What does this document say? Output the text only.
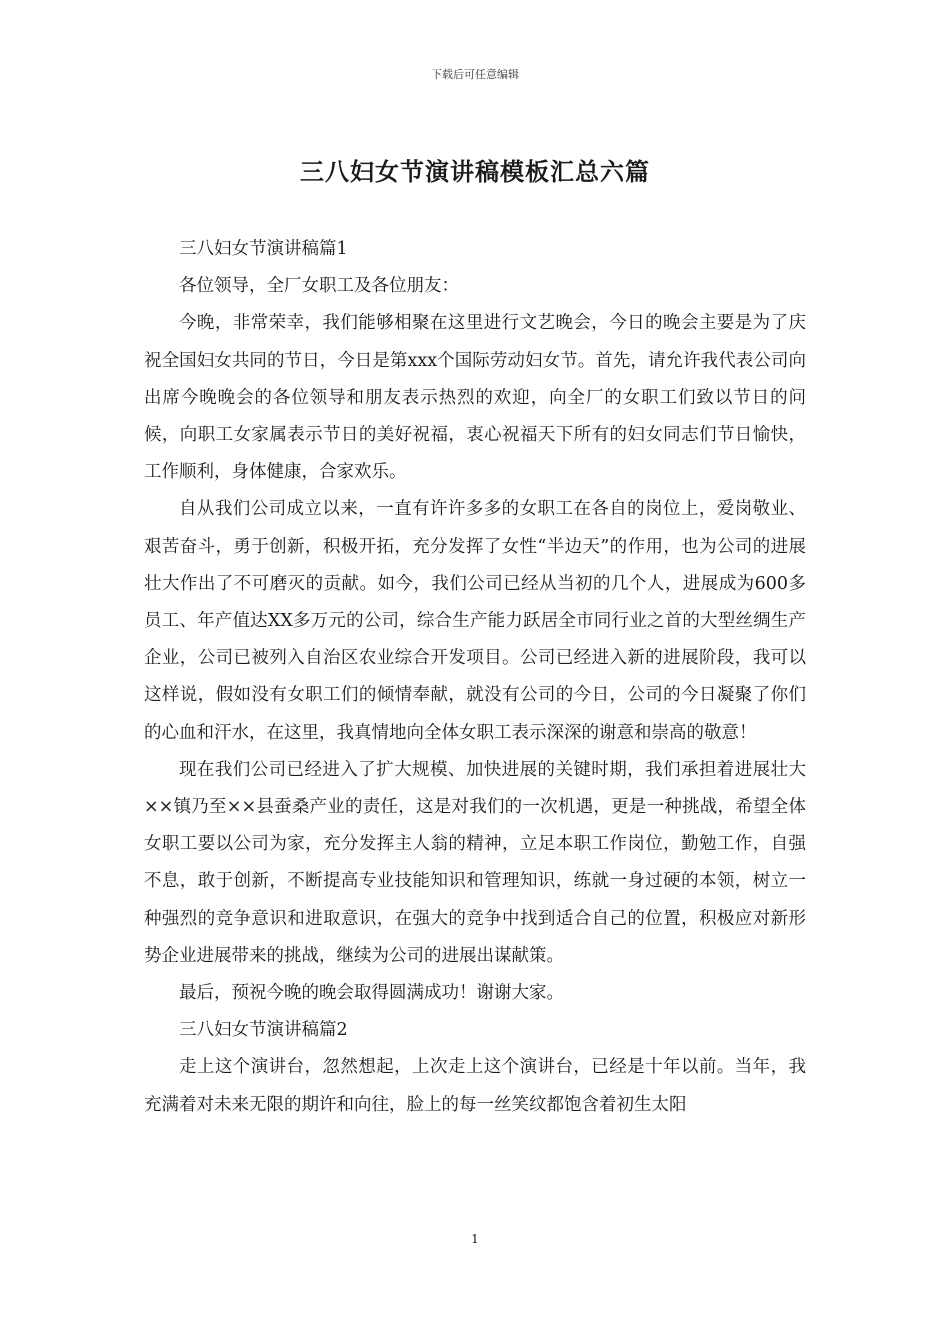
下载后可任意编辑
三八妇女节演讲稿模板汇总六篇

三八妇女节演讲稿篇1

各位领导，全厂女职工及各位朋友：

今晚，非常荣幸，我们能够相聚在这里进行文艺晚会，今日的晚会主要是为了庆祝全国妇女共同的节日，今日是第xxx个国际劳动妇女节。首先，请允许我代表公司向出席今晚晚会的各位领导和朋友表示热烈的欢迎，向全厂的女职工们致以节日的问候，向职工女家属表示节日的美好祝福，衷心祝福天下所有的妇女同志们节日愉快，工作顺利，身体健康，合家欢乐。

自从我们公司成立以来，一直有许许多多的女职工在各自的岗位上，爱岗敬业、艰苦奋斗，勇于创新，积极开拓，充分发挥了女性“半边天”的作用，也为公司的进展壮大作出了不可磨灭的贡献。如今，我们公司已经从当初的几个人，进展成为600多员工、年产值达XX多万元的公司，综合生产能力跃居全市同行业之首的大型丝绸生产企业，公司已被列入自治区农业综合开发项目。公司已经进入新的进展阶段，我可以这样说，假如没有女职工们的倾情奉献，就没有公司的今日，公司的今日凝聚了你们的心血和汗水，在这里，我真情地向全体女职工表示深深的谢意和崇高的敬意！

现在我们公司已经进入了扩大规模、加快进展的关键时期，我们承担着进展壮大××镇乃至××县蚕桑产业的责任，这是对我们的一次机遇，更是一种挑战，希望全体女职工要以公司为家，充分发挥主人翁的精神，立足本职工作岗位，勤勉工作，自强不息，敢于创新，不断提高专业技能知识和管理知识，练就一身过硬的本领，树立一种强烈的竞争意识和进取意识，在强大的竞争中找到适合自己的位置，积极应对新形势企业进展带来的挑战，继续为公司的进展出谋献策。

最后，预祝今晚的晚会取得圆满成功！谢谢大家。

三八妇女节演讲稿篇2

走上这个演讲台，忽然想起，上次走上这个演讲台，已经是十年以前。当年，我充满着对未来无限的期许和向往，脸上的每一丝笑纹都饱含着初生太阳

1
